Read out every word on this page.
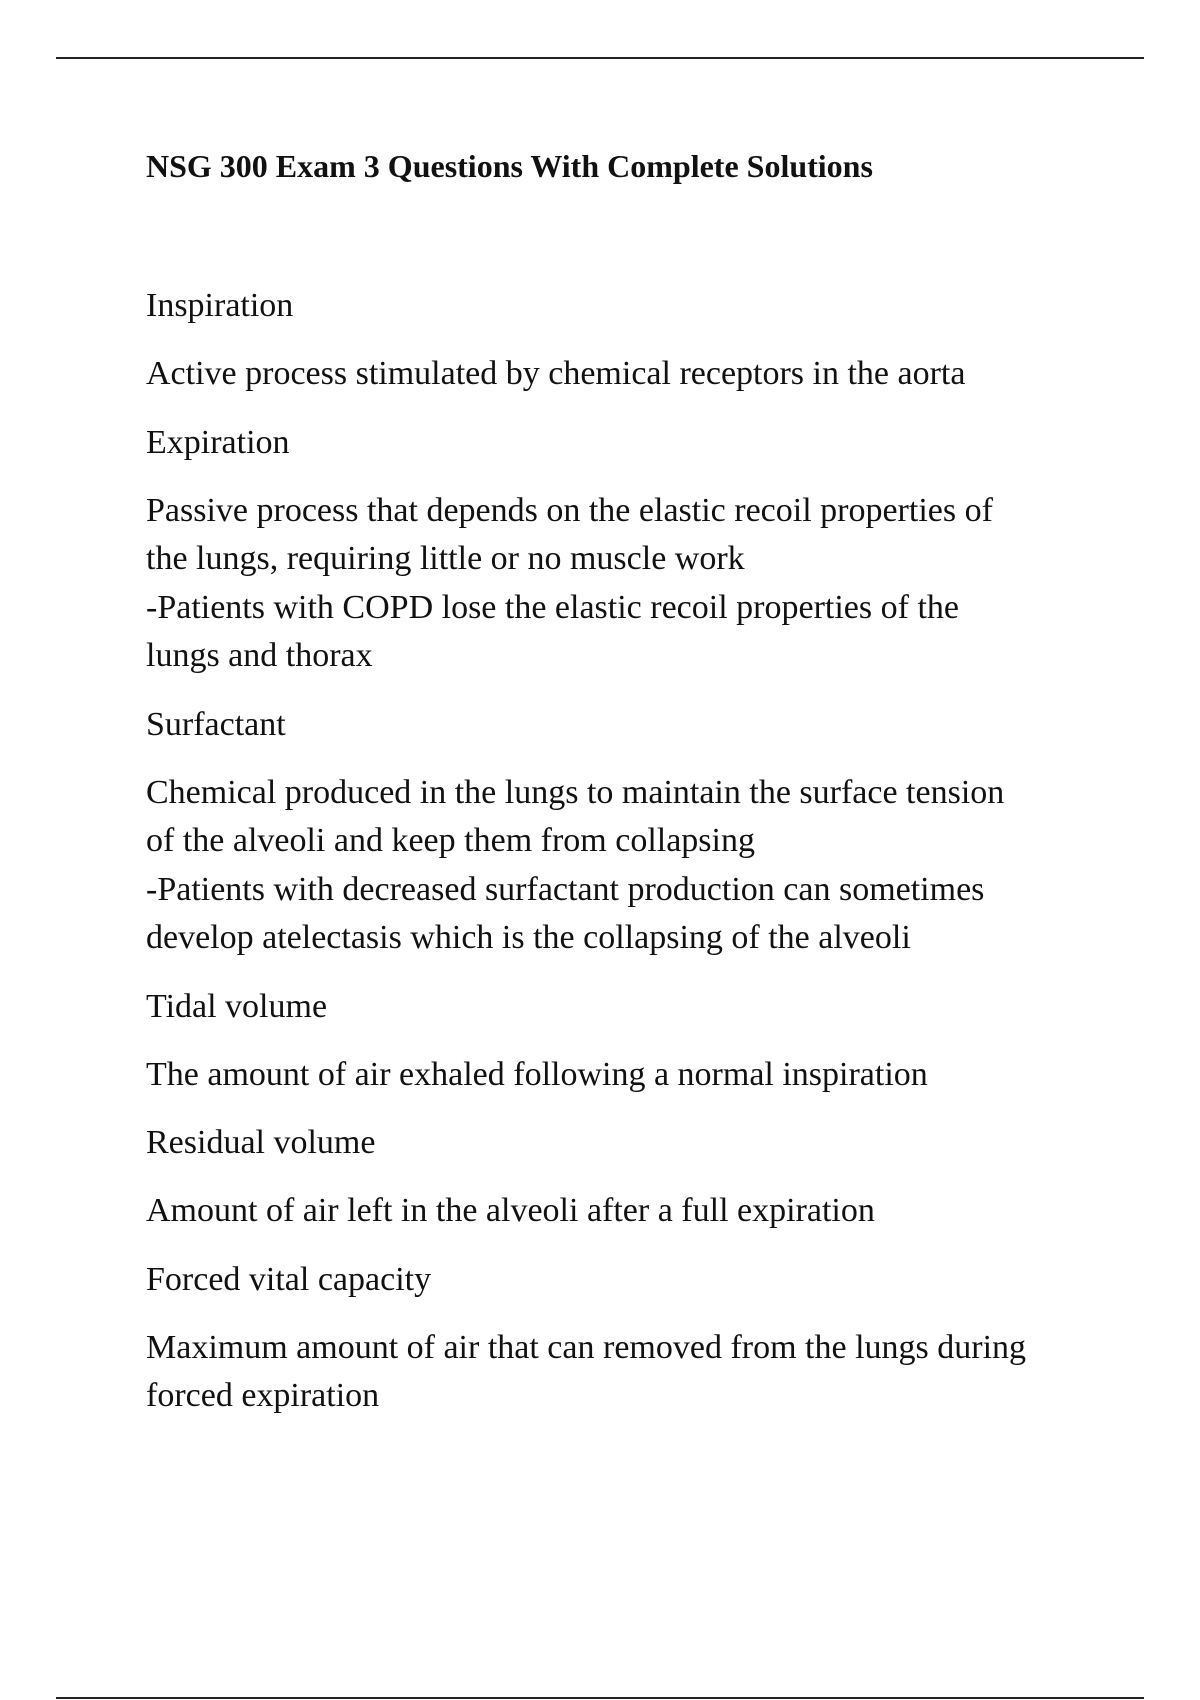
NSG 300 Exam 3 Questions With Complete Solutions

Inspiration

Active process stimulated by chemical receptors in the aorta

Expiration

Passive process that depends on the elastic recoil properties of
the lungs, requiring little or no muscle work
-Patients with COPD lose the elastic recoil properties of the
lungs and thorax

Surfactant

Chemical produced in the lungs to maintain the surface tension
of the alveoli and keep them from collapsing
-Patients with decreased surfactant production can sometimes
develop atelectasis which is the collapsing of the alveoli

Tidal volume

The amount of air exhaled following a normal inspiration

Residual volume

Amount of air left in the alveoli after a full expiration

Forced vital capacity

Maximum amount of air that can removed from the lungs during
forced expiration
